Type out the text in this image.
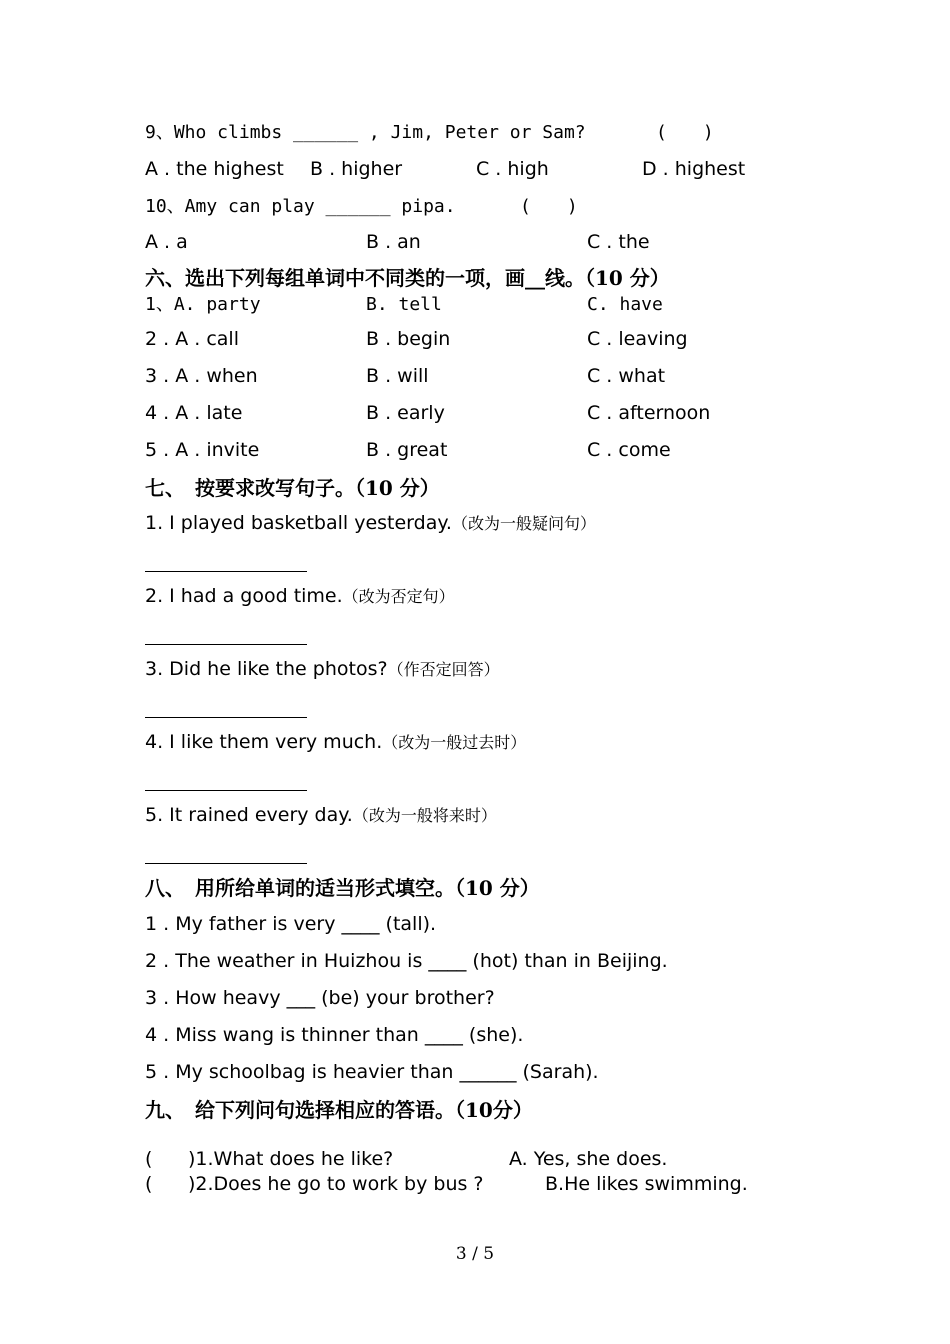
9、Who climbs ______ , Jim, Peter or Sam?	(　　)
A . the highest B . higher	C . high	D . highest
10、Amy can play ______ pipa.	(　　)
A . a	B . an	C . the
六、选出下列每组单词中不同类的一项，画__线。（10 分）
1、A. party	B. tell	C. have
2 . A . call	B . begin	C . leaving
3 . A . when	B . will	C . what
4 . A . late	B . early	C . afternoon
5 . A . invite	B . great	C . come
七、　按要求改写句子。（10 分）
1. I played basketball yesterday.（改为一般疑问句）
2. I had a good time.（改为否定句）
3. Did he like the photos?（作否定回答）
4. I like them very much.（改为一般过去时）
5. It rained every day.（改为一般将来时）
八、　用所给单词的适当形式填空。（10 分）
1 . My father is very ____ (tall).
2 . The weather in Huizhou is ____ (hot) than in Beijing.
3 . How heavy ___ (be) your brother?
4 . Miss wang is thinner than ____ (she).
5 . My schoolbag is heavier than ______ (Sarah).
九、　给下列问句选择相应的答语。（10分）
( )1.What does he like?	A. Yes, she does.
( )2.Does he go to work by bus ?	B.He likes swimming.
3 / 5
